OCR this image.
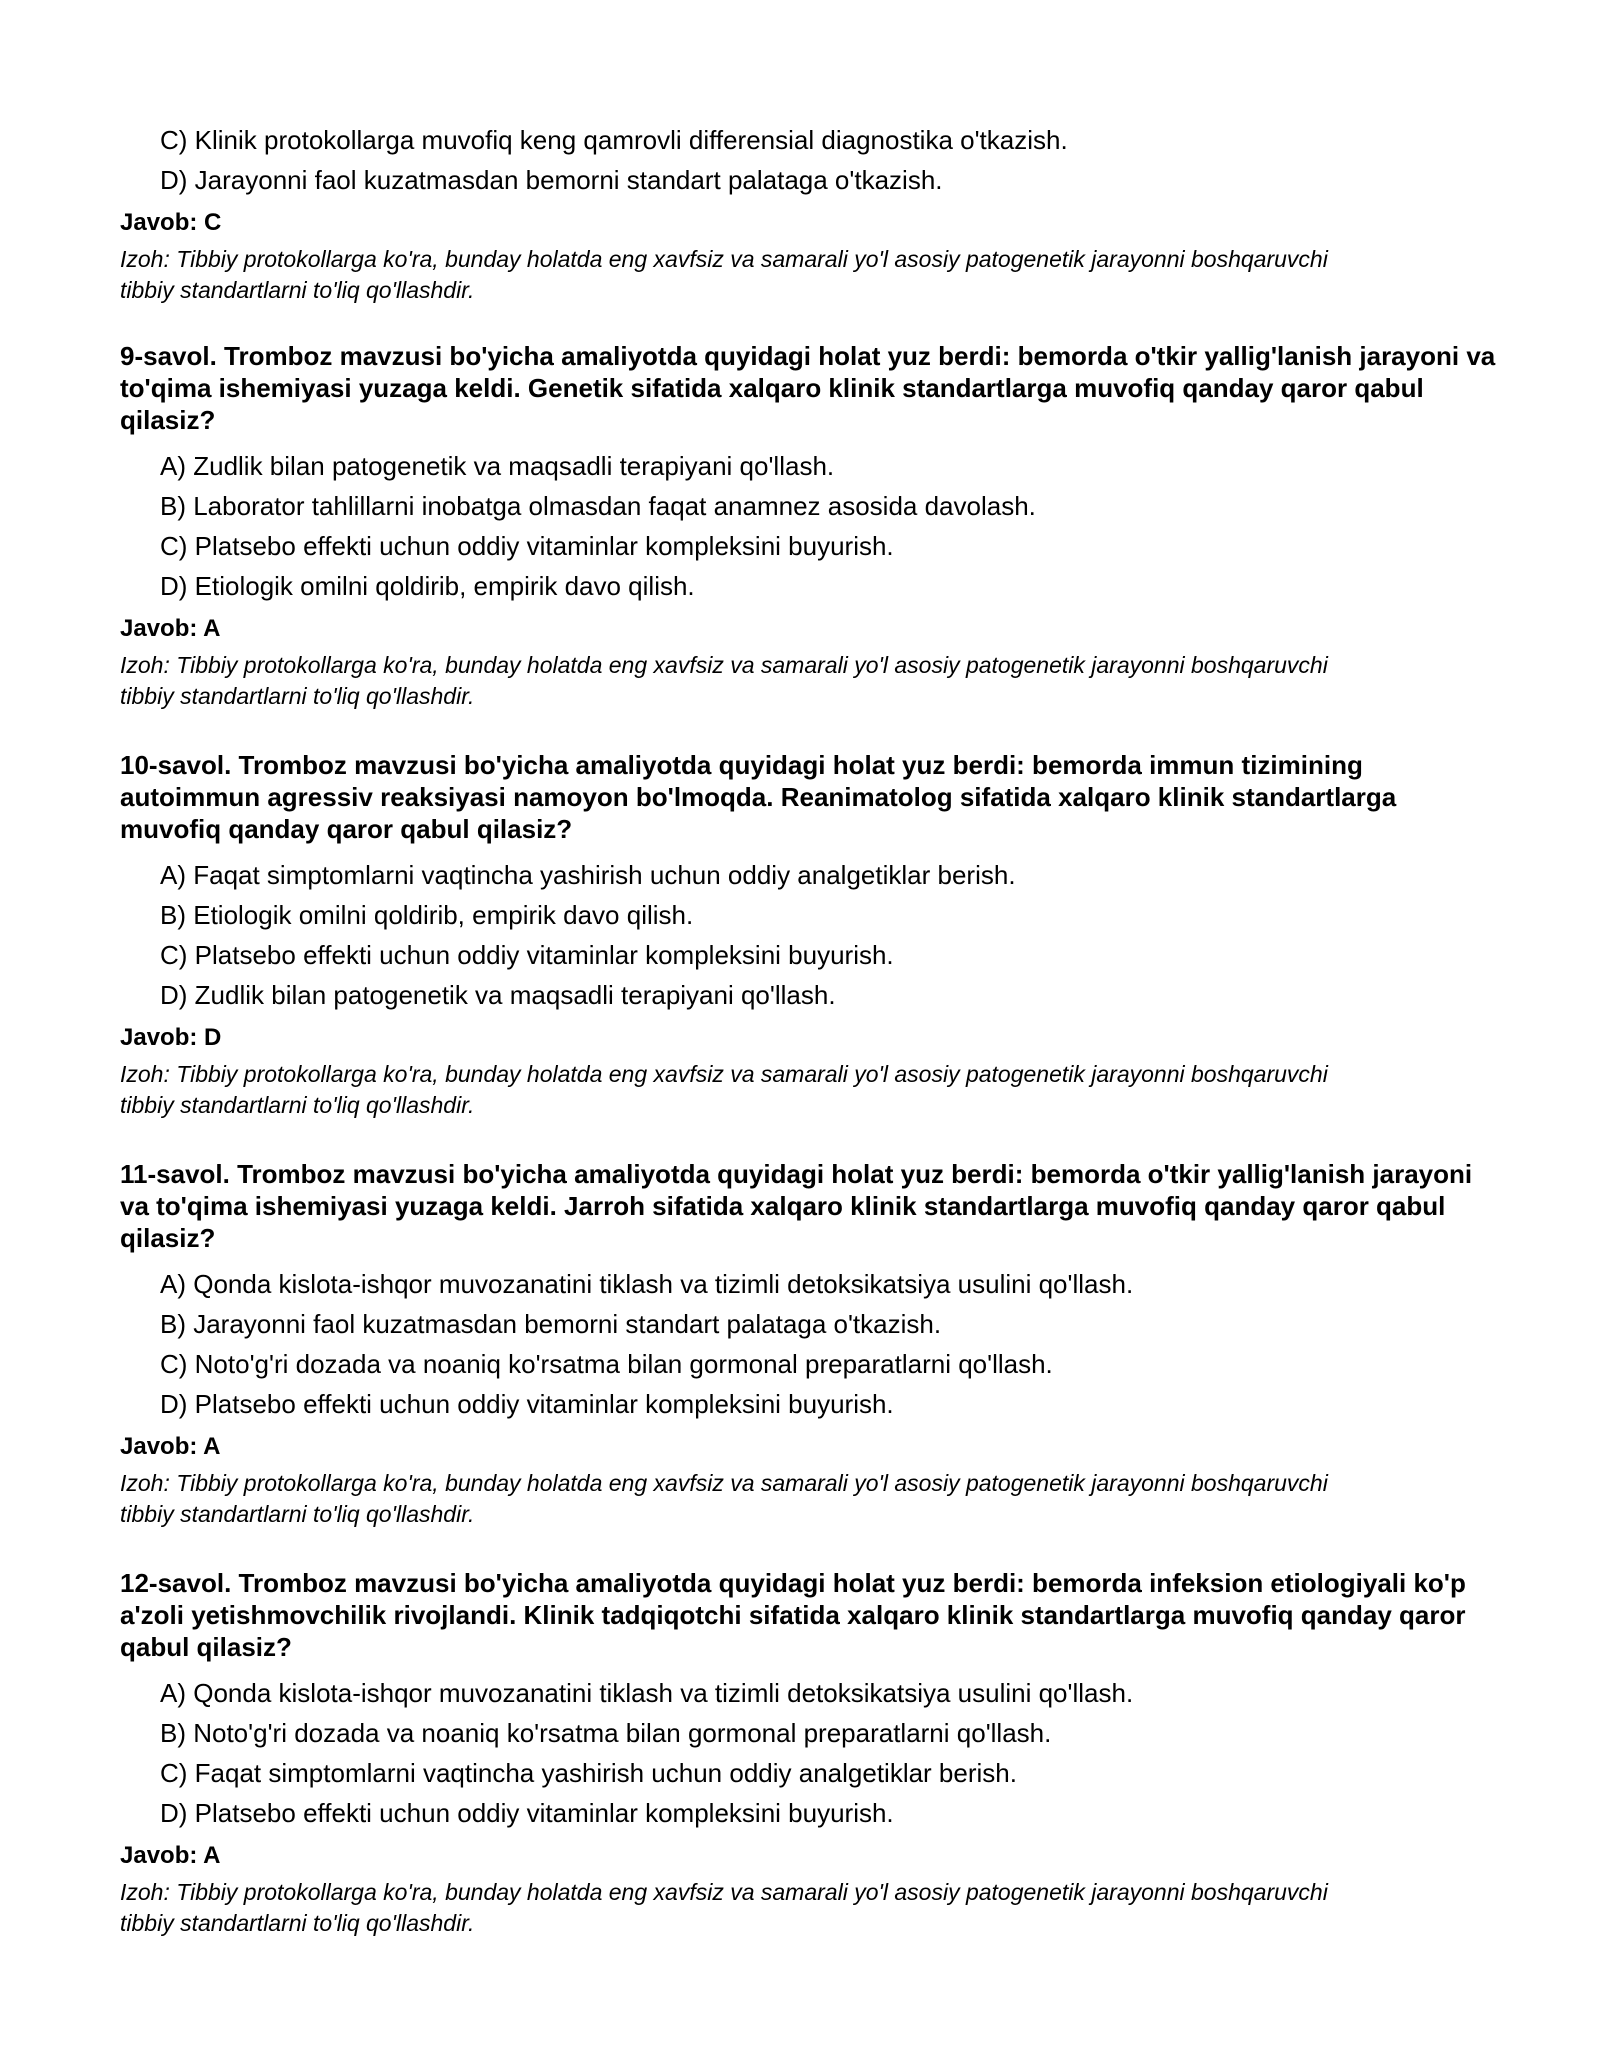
C) Klinik protokollarga muvofiq keng qamrovli differensial diagnostika o'tkazish.
D) Jarayonni faol kuzatmasdan bemorni standart palataga o'tkazish.
Javob: C
Izoh: Tibbiy protokollarga ko'ra, bunday holatda eng xavfsiz va samarali yo'l asosiy patogenetik jarayonni boshqaruvchi tibbiy standartlarni to'liq qo'llashdir.
9-savol. Tromboz mavzusi bo'yicha amaliyotda quyidagi holat yuz berdi: bemorda o'tkir yallig'lanish jarayoni va to'qima ishemiyasi yuzaga keldi. Genetik sifatida xalqaro klinik standartlarga muvofiq qanday qaror qabul qilasiz?
A) Zudlik bilan patogenetik va maqsadli terapiyani qo'llash.
B) Laborator tahlillarni inobatga olmasdan faqat anamnez asosida davolash.
C) Platsebo effekti uchun oddiy vitaminlar kompleksini buyurish.
D) Etiologik omilni qoldirib, empirik davo qilish.
Javob: A
Izoh: Tibbiy protokollarga ko'ra, bunday holatda eng xavfsiz va samarali yo'l asosiy patogenetik jarayonni boshqaruvchi tibbiy standartlarni to'liq qo'llashdir.
10-savol. Tromboz mavzusi bo'yicha amaliyotda quyidagi holat yuz berdi: bemorda immun tizimining autoimmun agressiv reaksiyasi namoyon bo'lmoqda. Reanimatolog sifatida xalqaro klinik standartlarga muvofiq qanday qaror qabul qilasiz?
A) Faqat simptomlarni vaqtincha yashirish uchun oddiy analgetiklar berish.
B) Etiologik omilni qoldirib, empirik davo qilish.
C) Platsebo effekti uchun oddiy vitaminlar kompleksini buyurish.
D) Zudlik bilan patogenetik va maqsadli terapiyani qo'llash.
Javob: D
Izoh: Tibbiy protokollarga ko'ra, bunday holatda eng xavfsiz va samarali yo'l asosiy patogenetik jarayonni boshqaruvchi tibbiy standartlarni to'liq qo'llashdir.
11-savol. Tromboz mavzusi bo'yicha amaliyotda quyidagi holat yuz berdi: bemorda o'tkir yallig'lanish jarayoni va to'qima ishemiyasi yuzaga keldi. Jarroh sifatida xalqaro klinik standartlarga muvofiq qanday qaror qabul qilasiz?
A) Qonda kislota-ishqor muvozanatini tiklash va tizimli detoksikatsiya usulini qo'llash.
B) Jarayonni faol kuzatmasdan bemorni standart palataga o'tkazish.
C) Noto'g'ri dozada va noaniq ko'rsatma bilan gormonal preparatlarni qo'llash.
D) Platsebo effekti uchun oddiy vitaminlar kompleksini buyurish.
Javob: A
Izoh: Tibbiy protokollarga ko'ra, bunday holatda eng xavfsiz va samarali yo'l asosiy patogenetik jarayonni boshqaruvchi tibbiy standartlarni to'liq qo'llashdir.
12-savol. Tromboz mavzusi bo'yicha amaliyotda quyidagi holat yuz berdi: bemorda infeksion etiologiyali ko'p a'zoli yetishmovchilik rivojlandi. Klinik tadqiqotchi sifatida xalqaro klinik standartlarga muvofiq qanday qaror qabul qilasiz?
A) Qonda kislota-ishqor muvozanatini tiklash va tizimli detoksikatsiya usulini qo'llash.
B) Noto'g'ri dozada va noaniq ko'rsatma bilan gormonal preparatlarni qo'llash.
C) Faqat simptomlarni vaqtincha yashirish uchun oddiy analgetiklar berish.
D) Platsebo effekti uchun oddiy vitaminlar kompleksini buyurish.
Javob: A
Izoh: Tibbiy protokollarga ko'ra, bunday holatda eng xavfsiz va samarali yo'l asosiy patogenetik jarayonni boshqaruvchi tibbiy standartlarni to'liq qo'llashdir.
